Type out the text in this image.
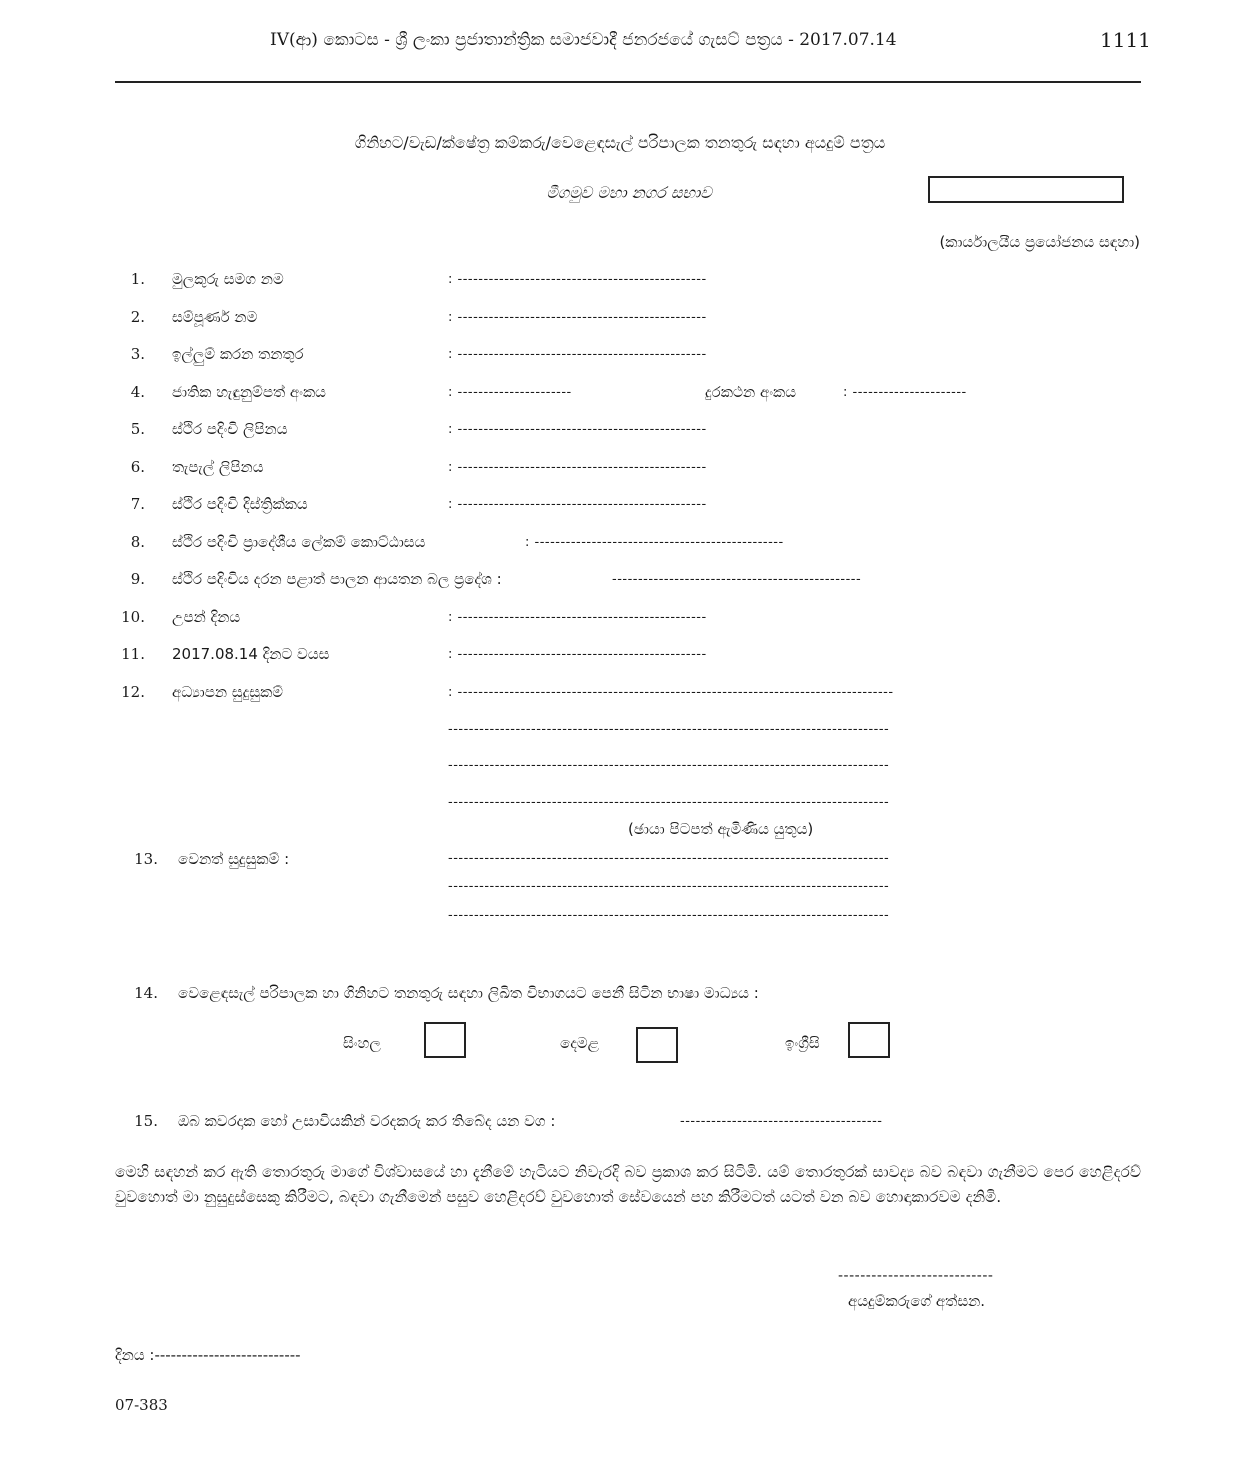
IV(ආ) කොටස - ශ්‍රී ලංකා ප්‍රජාතාන්ත්‍රික සමාජවාදී ජනරජයේ ගැසට් පත්‍රය - 2017.07.14	1111
ගිනිහට/වැඩ/ක්ෂේත්‍ර කම්කරු/වෙළෙඳසැල් පරිපාලක තනතුරු සඳහා අයදුම් පත්‍රය
මීගමුව මහා නගර සභාව
(කාර්යාලයීය ප්‍රයෝජනය සඳහා)
1. මුලකුරු සමග නම	: ------------------------------------------------
2. සම්පූර්ණ නම	: ------------------------------------------------
3. ඉල්ලුම් කරන තනතුර	: ------------------------------------------------
4. ජාතික හැඳුනුම්පත් අංකය	: ----------------------	දුරකථන අංකය	: ----------------------
5. ස්ථිර පදිංචි ලිපිනය	: ------------------------------------------------
6. තැපැල් ලිපිනය	: ------------------------------------------------
7. ස්ථිර පදිංචි දිස්ත්‍රික්කය	: ------------------------------------------------
8. ස්ථිර පදිංචි ප්‍රාදේශීය ලේකම් කොට්ඨාසය	: ------------------------------------------------
9. ස්ථිර පදිංචිය දරන පළාත් පාලන ආයතන බල ප්‍රදේශ :	------------------------------------------------
10. උපන් දිනය	: ------------------------------------------------
11. 2017.08.14 දිනට වයස	: ------------------------------------------------
12. අධ්‍යාපන සුදුසුකම්	: ------------------------------------------------------------------------------------
-------------------------------------------------------------------------------------
-------------------------------------------------------------------------------------
-------------------------------------------------------------------------------------
(ඡායා පිටපත් ඇමිණිය යුතුය)
13. වෙනත් සුදුසුකම් :	-------------------------------------------------------------------------------------
-------------------------------------------------------------------------------------
-------------------------------------------------------------------------------------
14. වෙළෙඳසැල් පරිපාලක හා ගිනිහට තනතුරු සඳහා ලිඛිත විභාගයට පෙනී සිටින භාෂා මාධ්‍යය :
සිංහල	දෙමළ	ඉංග්‍රීසි
15. ඔබ කවරදාක හෝ උසාවියකින් වරදකරු කර තිබේද යන වග :	---------------------------------------
මෙහි සඳහන් කර ඇති තොරතුරු මාගේ විශ්වාසයේ හා දැනීමේ හැටියට නිවැරදි බව ප්‍රකාශ කර සිටිමි. යම් තොරතුරක් සාවද්‍ය බව බඳවා ගැනීමට පෙර හෙළිදරව් වුවහොත් මා නුසුදුස්සෙකු කිරීමට, බඳවා ගැනීමෙන් පසුව හෙළිදරව් වුවහොත් සේවයෙන් පහ කිරීමටත් යටත් වන බව හොඳාකාරවම දනිමි.
----------------------------
අයදුම්කරුගේ අත්සන.
දිනය :---------------------------
07-383
